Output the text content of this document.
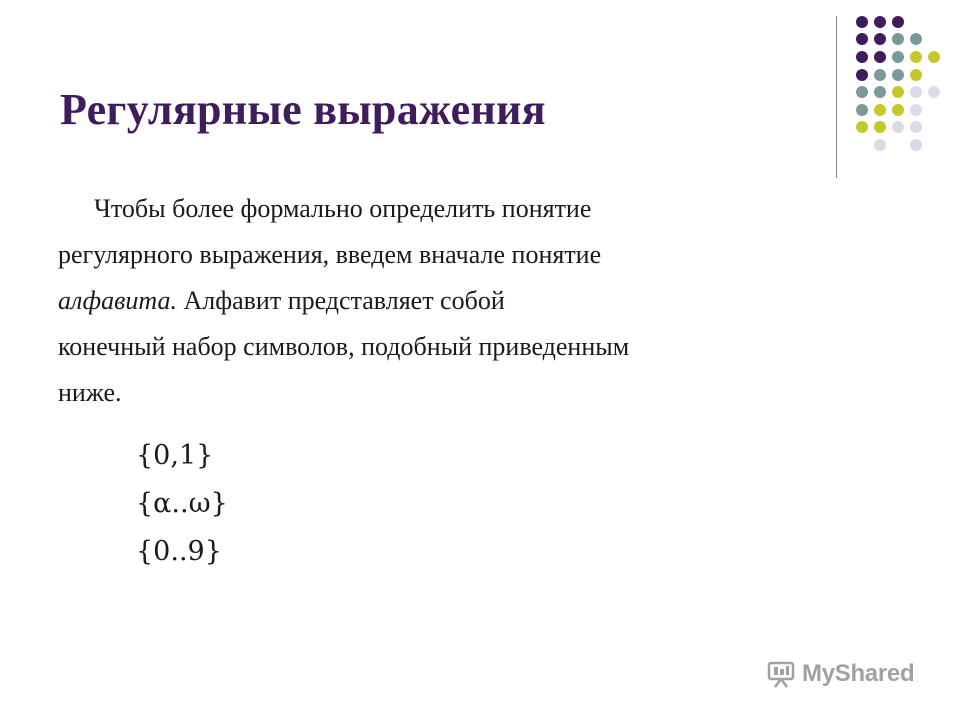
Регулярные выражения

Чтобы более формально определить понятие

регулярного выражения, введем вначале понятие

алфавита. Алфавит представляет собой

конечный набор символов, подобный приведенным

ниже.

{0,1}
{α..ω}
{0..9}
MyShared
